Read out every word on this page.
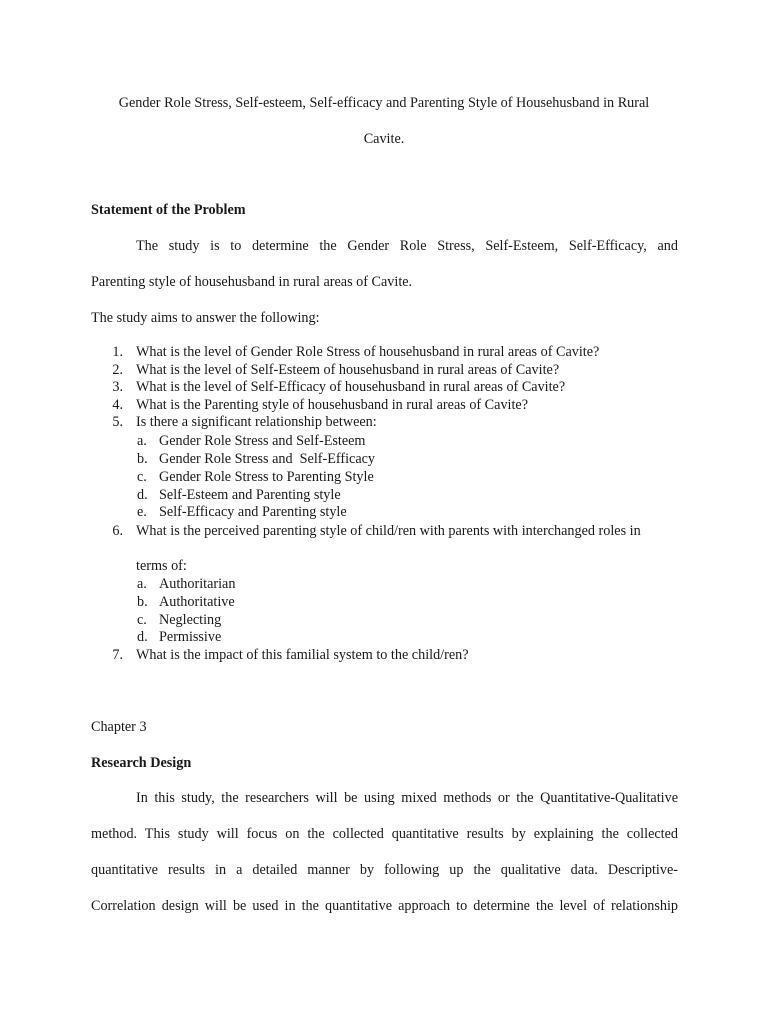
Gender Role Stress, Self-esteem, Self-efficacy and Parenting Style of Househusband in Rural
Cavite.
Statement of the Problem
The study is to determine the Gender Role Stress, Self-Esteem, Self-Efficacy, and
Parenting style of househusband in rural areas of Cavite.
The study aims to answer the following:
1. What is the level of Gender Role Stress of househusband in rural areas of Cavite?
2. What is the level of Self-Esteem of househusband in rural areas of Cavite?
3. What is the level of Self-Efficacy of househusband in rural areas of Cavite?
4. What is the Parenting style of househusband in rural areas of Cavite?
5. Is there a significant relationship between:
a. Gender Role Stress and Self-Esteem
b. Gender Role Stress and  Self-Efficacy
c. Gender Role Stress to Parenting Style
d. Self-Esteem and Parenting style
e. Self-Efficacy and Parenting style
6. What is the perceived parenting style of child/ren with parents with interchanged roles in
terms of:
a. Authoritarian
b. Authoritative
c. Neglecting
d. Permissive
7. What is the impact of this familial system to the child/ren?
Chapter 3
Research Design
In this study, the researchers will be using mixed methods or the Quantitative-Qualitative
method. This study will focus on the collected quantitative results by explaining the collected
quantitative results in a detailed manner by following up the qualitative data. Descriptive-
Correlation design will be used in the quantitative approach to determine the level of relationship
